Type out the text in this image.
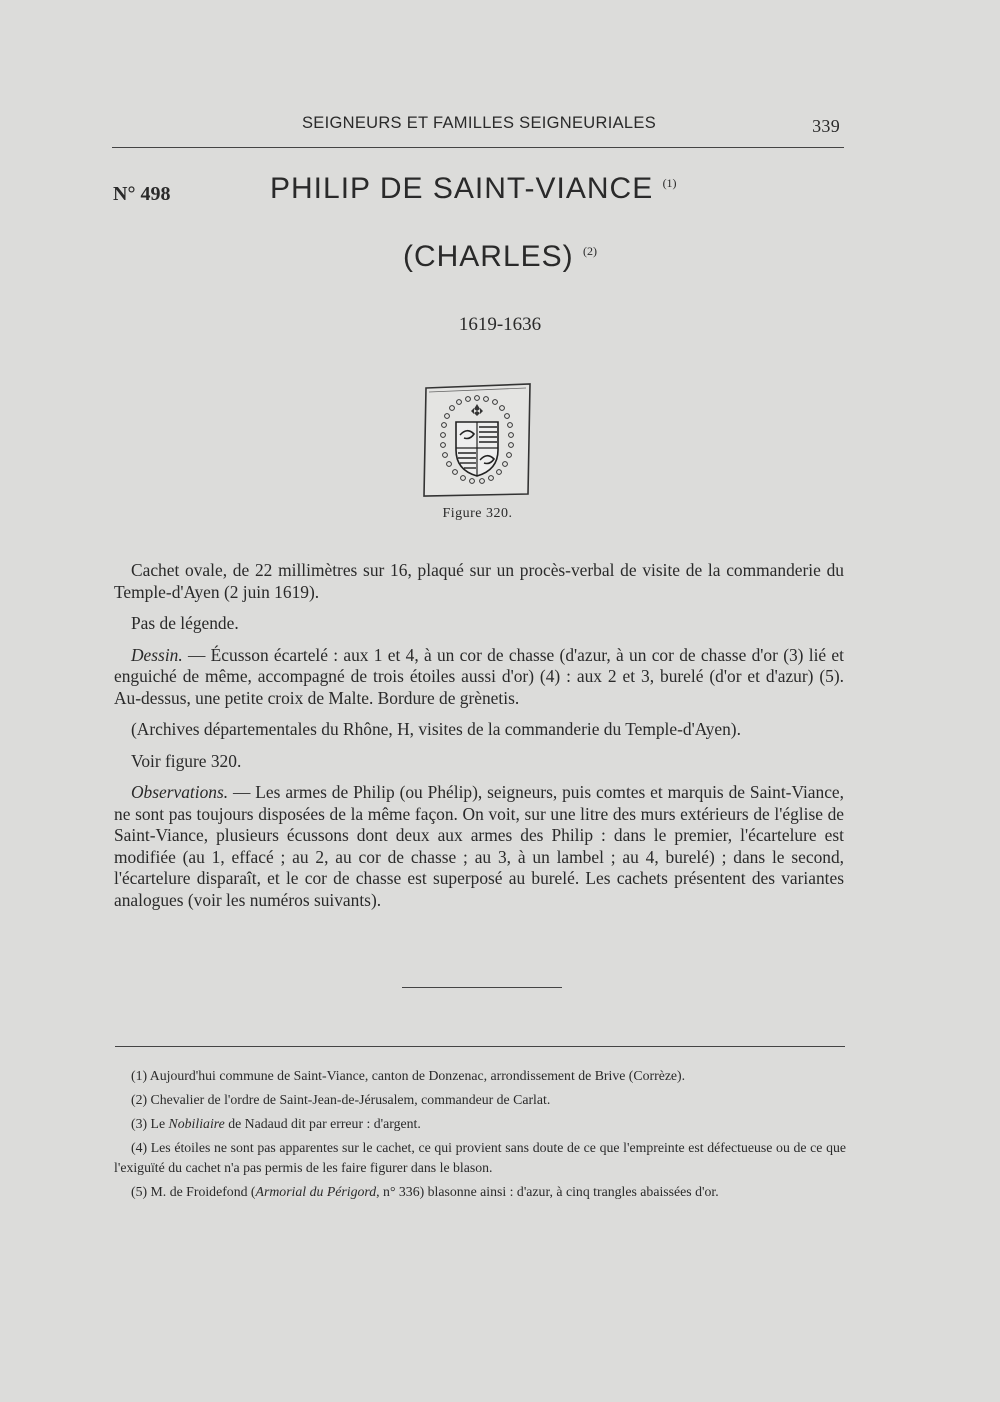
SEIGNEURS ET FAMILLES SEIGNEURIALES	339
N° 498	PHILIP DE SAINT-VIANCE $^{(1)}$
(CHARLES) $^{(2)}$
1619-1636
Figure 320.

Cachet ovale, de 22 millimètres sur 16, plaqué sur un procès-verbal de visite de la commanderie du Temple-d'Ayen (2 juin 1619).

Pas de légende.

Dessin. — Écusson écartelé : aux 1 et 4, à un cor de chasse (d'azur, à un cor de chasse d'or (3) lié et enguiché de même, accompagné de trois étoiles aussi d'or) (4) : aux 2 et 3, burelé (d'or et d'azur) (5). Au-dessus, une petite croix de Malte. Bordure de grènetis.

(Archives départementales du Rhône, H, visites de la commanderie du Temple-d'Ayen).

Voir figure 320.

Observations. — Les armes de Philip (ou Phélip), seigneurs, puis comtes et marquis de Saint-Viance, ne sont pas toujours disposées de la même façon. On voit, sur une litre des murs extérieurs de l'église de Saint-Viance, plusieurs écussons dont deux aux armes des Philip : dans le premier, l'écartelure est modifiée (au 1, effacé ; au 2, au cor de chasse ; au 3, à un lambel ; au 4, burelé) ; dans le second, l'écartelure disparaît, et le cor de chasse est superposé au burelé. Les cachets présentent des variantes analogues (voir les numéros suivants).

(1) Aujourd'hui commune de Saint-Viance, canton de Donzenac, arrondissement de Brive (Corrèze).

(2) Chevalier de l'ordre de Saint-Jean-de-Jérusalem, commandeur de Carlat.

(3) Le Nobiliaire de Nadaud dit par erreur : d'argent.

(4) Les étoiles ne sont pas apparentes sur le cachet, ce qui provient sans doute de ce que l'empreinte est défectueuse ou de ce que l'exiguïté du cachet n'a pas permis de les faire figurer dans le blason.

(5) M. de Froidefond (Armorial du Périgord, n° 336) blasonne ainsi : d'azur, à cinq trangles abaissées d'or.
